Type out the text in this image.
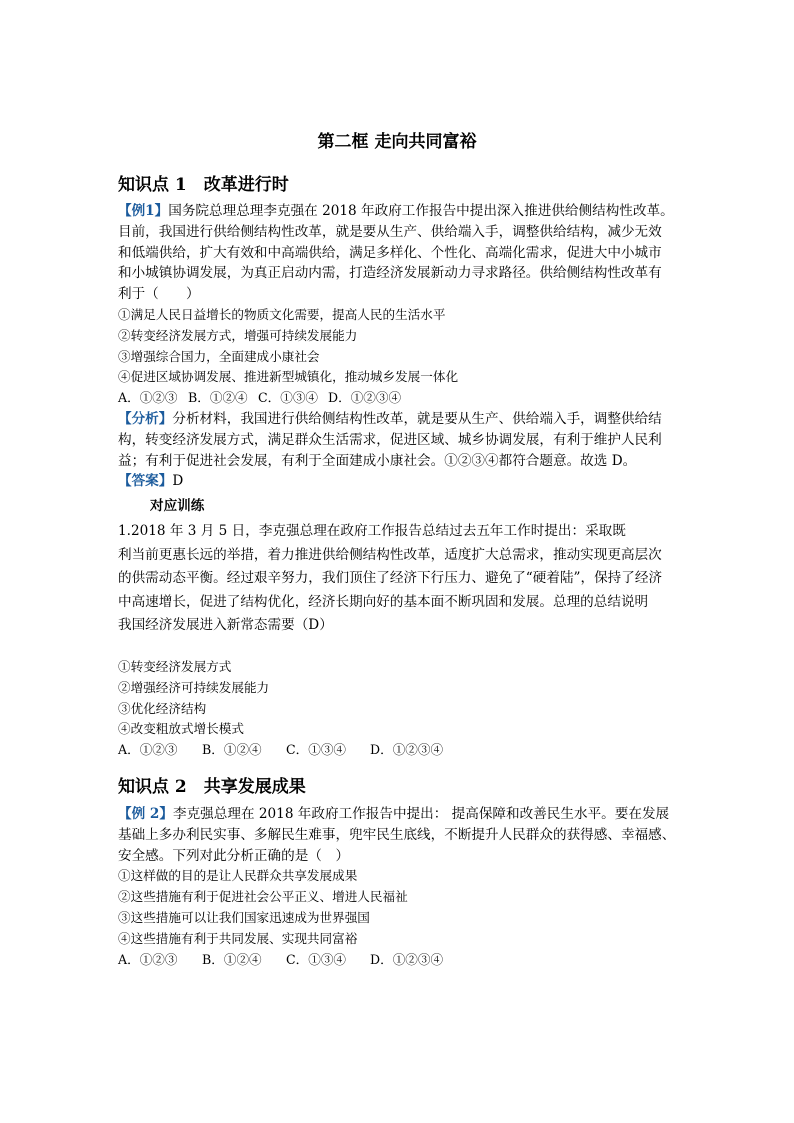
第二框 走向共同富裕
知识点 1　改革进行时
【例1】国务院总理总理李克强在 2018 年政府工作报告中提出深入推进供给侧结构性改革。
目前，我国进行供给侧结构性改革，就是要从生产、供给端入手，调整供给结构，减少无效
和低端供给，扩大有效和中高端供给，满足多样化、个性化、高端化需求，促进大中小城市
和小城镇协调发展，为真正启动内需，打造经济发展新动力寻求路径。供给侧结构性改革有
利于（　　）
①满足人民日益增长的物质文化需要，提高人民的生活水平
②转变经济发展方式，增强可持续发展能力
③增强综合国力，全面建成小康社会
④促进区域协调发展、推进新型城镇化，推动城乡发展一体化
A．①②③ B．①②④ C．①③④ D．①②③④
【分析】分析材料，我国进行供给侧结构性改革，就是要从生产、供给端入手，调整供给结
构，转变经济发展方式，满足群众生活需求，促进区域、城乡协调发展，有利于维护人民利
益；有利于促进社会发展，有利于全面建成小康社会。①②③④都符合题意。故选 D。
【答案】D
对应训练
1.2018 年 3 月 5 日，李克强总理在政府工作报告总结过去五年工作时提出：采取既
利当前更惠长远的举措，着力推进供给侧结构性改革，适度扩大总需求，推动实现更高层次
的供需动态平衡。经过艰辛努力，我们顶住了经济下行压力、避免了“硬着陆”，保持了经济
中高速增长，促进了结构优化，经济长期向好的基本面不断巩固和发展。总理的总结说明
我国经济发展进入新常态需要（D）
①转变经济发展方式
②增强经济可持续发展能力
③优化经济结构
④改变粗放式增长模式
A．①②③ B．①②④ C．①③④ D．①②③④
知识点 2　共享发展成果
【例 2】李克强总理在 2018 年政府工作报告中提出： 提高保障和改善民生水平。要在发展
基础上多办利民实事、多解民生难事，兜牢民生底线，不断提升人民群众的获得感、幸福感、
安全感。下列对此分析正确的是（　）
①这样做的目的是让人民群众共享发展成果
②这些措施有利于促进社会公平正义、增进人民福祉
③这些措施可以让我们国家迅速成为世界强国
④这些措施有利于共同发展、实现共同富裕
A．①②③ B．①②④ C．①③④ D．①②③④
